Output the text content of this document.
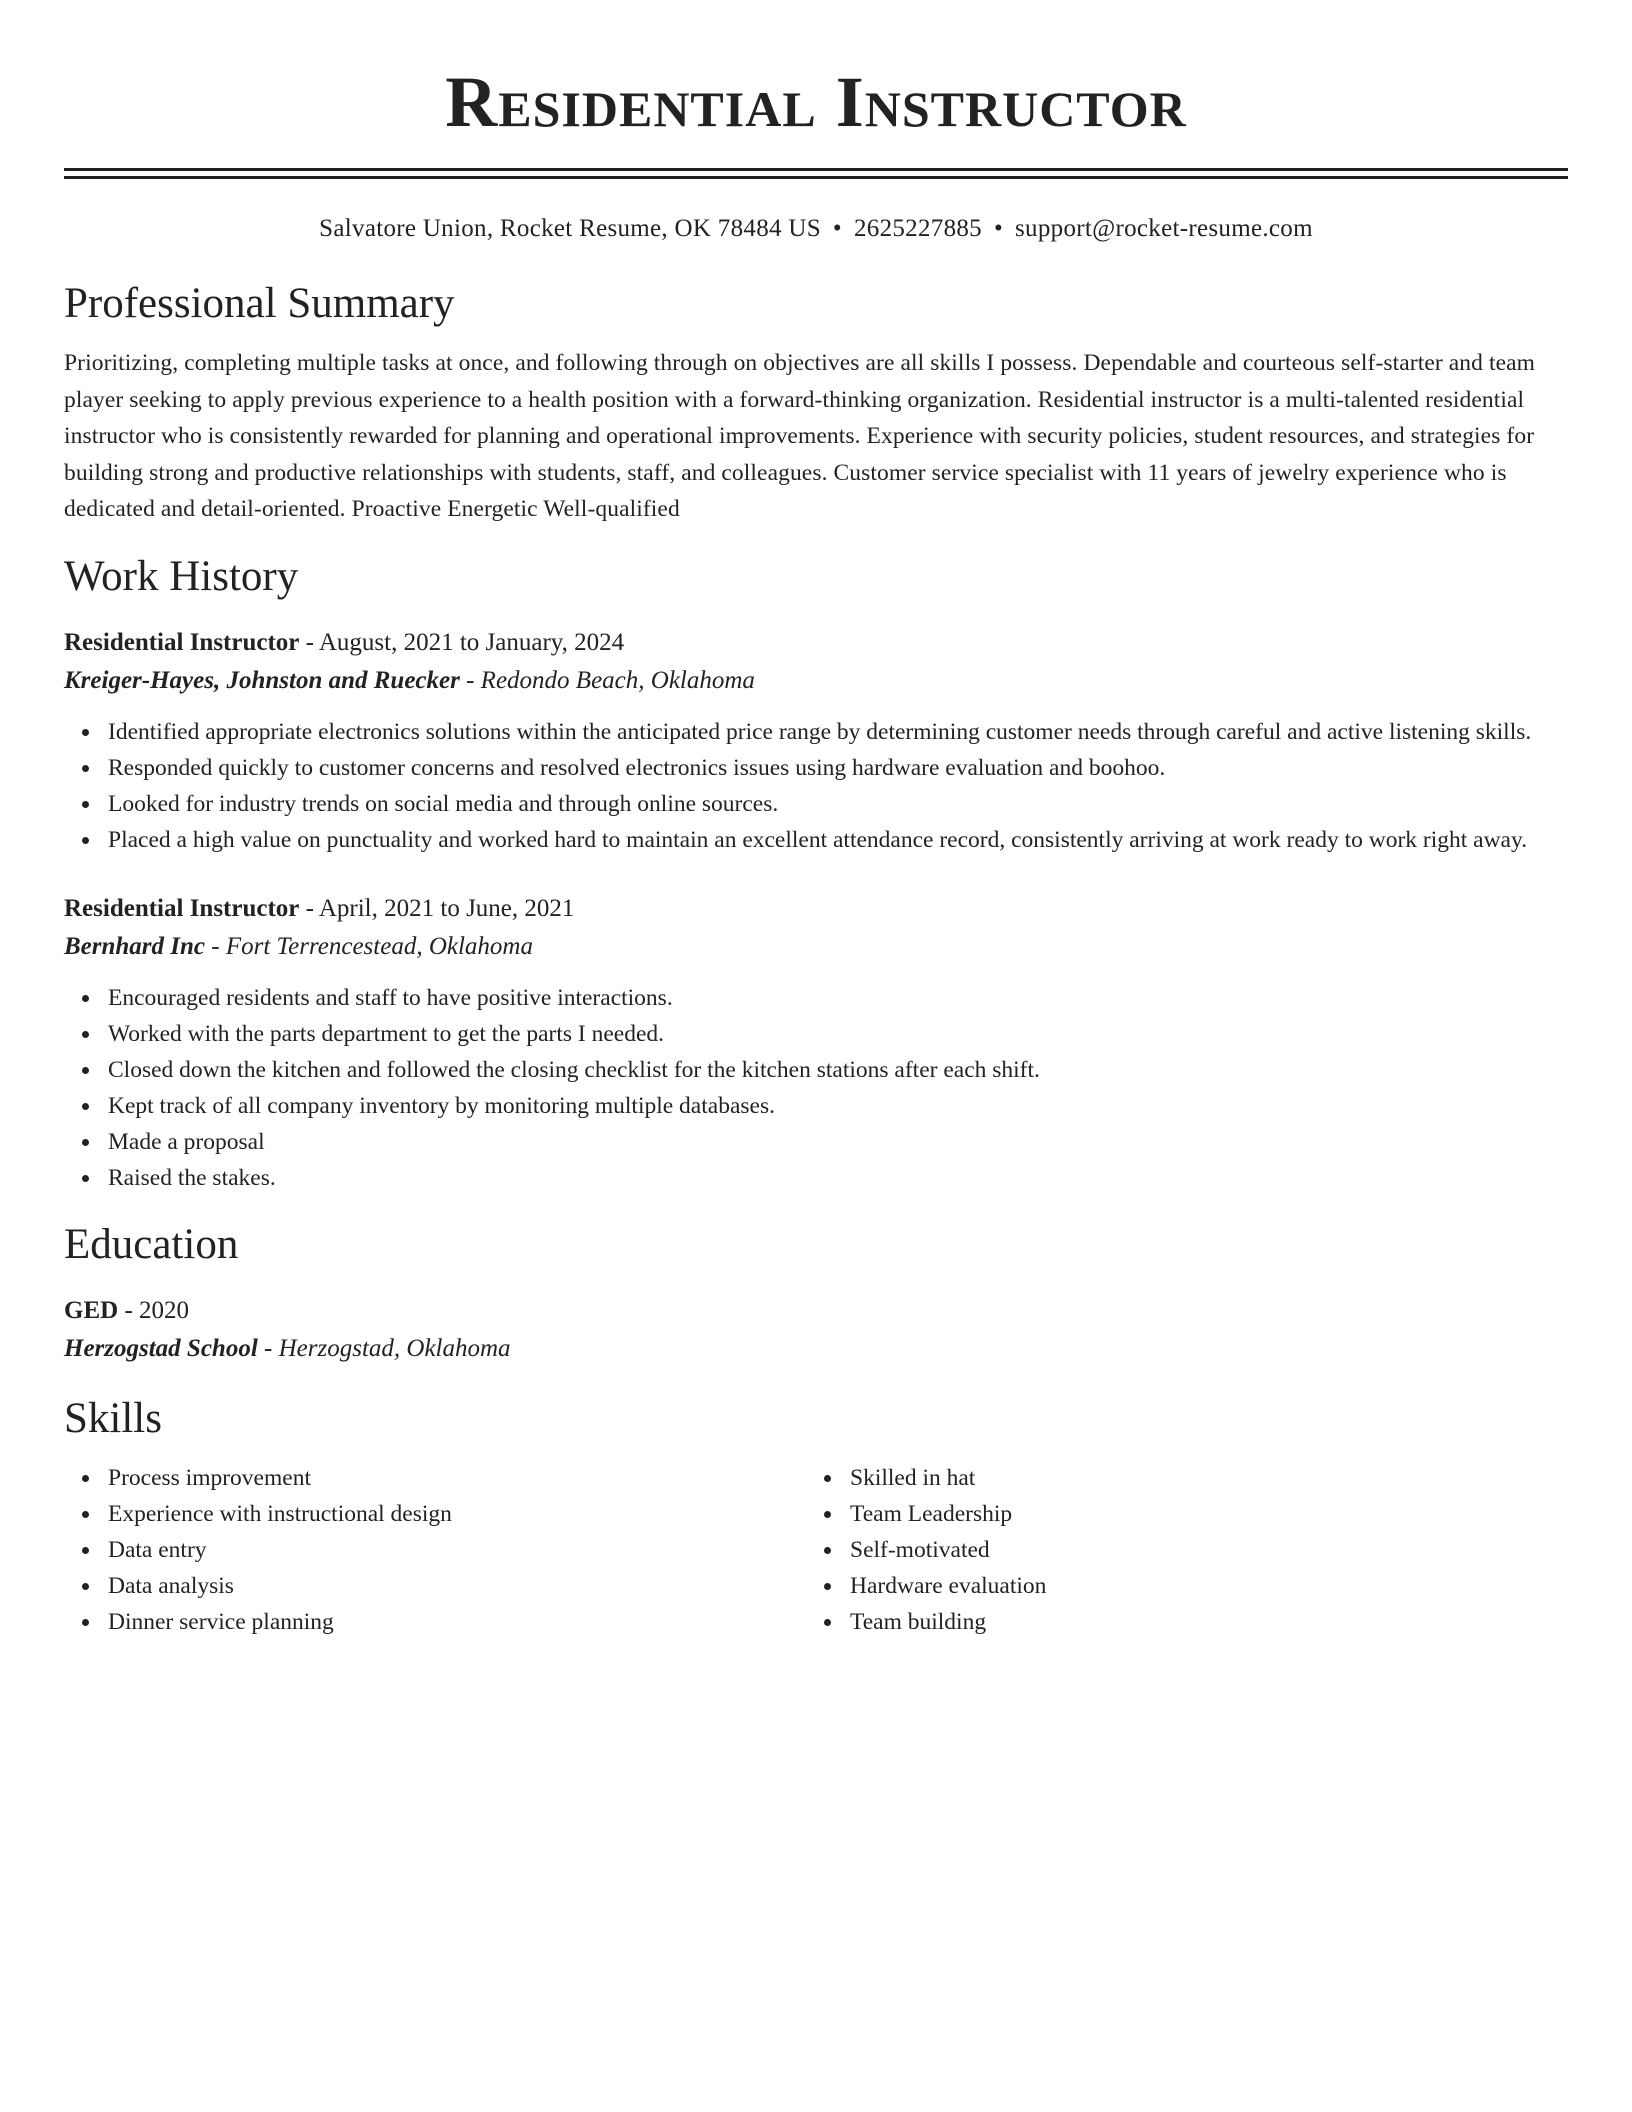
Residential Instructor
Salvatore Union, Rocket Resume, OK 78484 US • 2625227885 • support@rocket-resume.com
Professional Summary
Prioritizing, completing multiple tasks at once, and following through on objectives are all skills I possess. Dependable and courteous self-starter and team player seeking to apply previous experience to a health position with a forward-thinking organization. Residential instructor is a multi-talented residential instructor who is consistently rewarded for planning and operational improvements. Experience with security policies, student resources, and strategies for building strong and productive relationships with students, staff, and colleagues. Customer service specialist with 11 years of jewelry experience who is dedicated and detail-oriented. Proactive Energetic Well-qualified
Work History
Residential Instructor - August, 2021 to January, 2024
Kreiger-Hayes, Johnston and Ruecker - Redondo Beach, Oklahoma
Identified appropriate electronics solutions within the anticipated price range by determining customer needs through careful and active listening skills.
Responded quickly to customer concerns and resolved electronics issues using hardware evaluation and boohoo.
Looked for industry trends on social media and through online sources.
Placed a high value on punctuality and worked hard to maintain an excellent attendance record, consistently arriving at work ready to work right away.
Residential Instructor - April, 2021 to June, 2021
Bernhard Inc - Fort Terrencestead, Oklahoma
Encouraged residents and staff to have positive interactions.
Worked with the parts department to get the parts I needed.
Closed down the kitchen and followed the closing checklist for the kitchen stations after each shift.
Kept track of all company inventory by monitoring multiple databases.
Made a proposal
Raised the stakes.
Education
GED - 2020
Herzogstad School - Herzogstad, Oklahoma
Skills
Process improvement
Experience with instructional design
Data entry
Data analysis
Dinner service planning
Skilled in hat
Team Leadership
Self-motivated
Hardware evaluation
Team building
